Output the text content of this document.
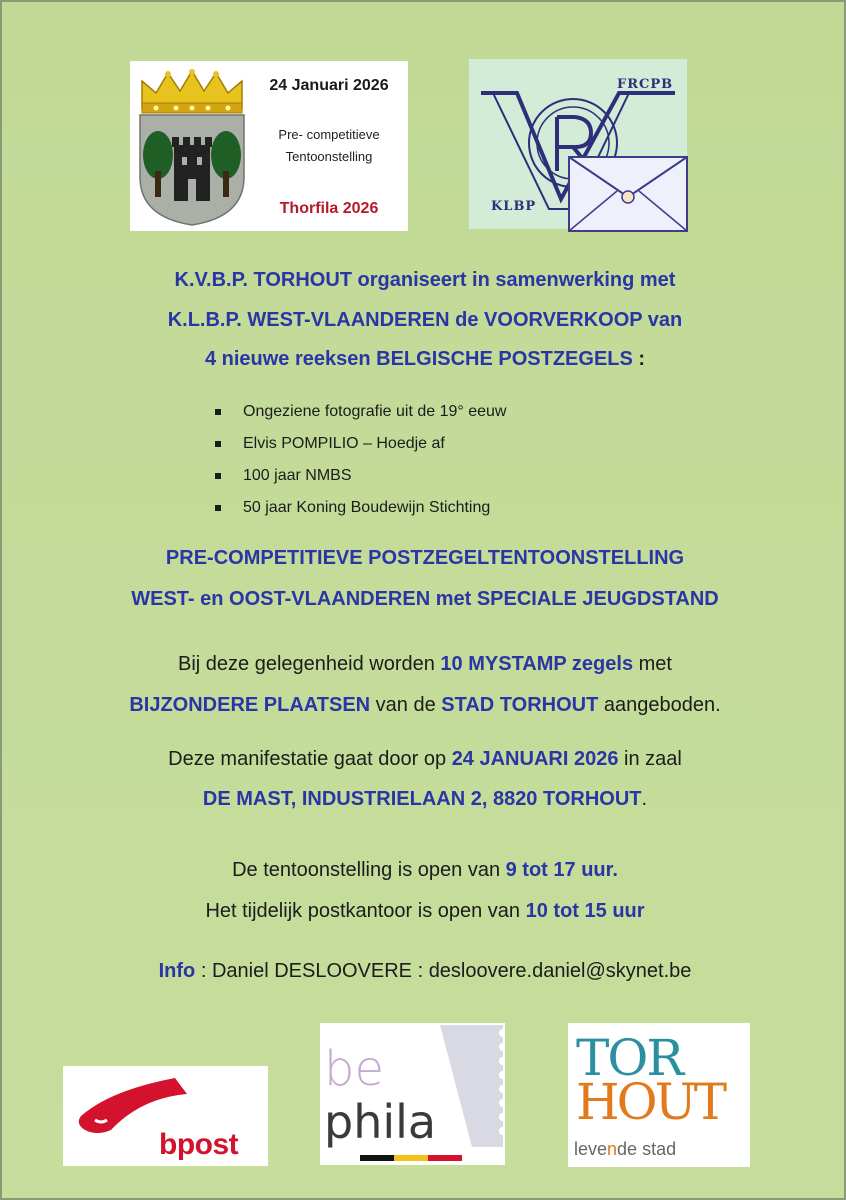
24 Januari 2026
Pre- competitieve
Tentoonstelling
Thorfila 2026
FRCPB
KLBP
K.V.B.P. TORHOUT organiseert in samenwerking met
K.L.B.P. WEST-VLAANDEREN de VOORVERKOOP van
4 nieuwe reeksen BELGISCHE POSTZEGELS :
Ongeziene fotografie uit de 19° eeuw
Elvis POMPILIO – Hoedje af
100 jaar NMBS
50 jaar Koning Boudewijn Stichting
PRE-COMPETITIEVE POSTZEGELTENTOONSTELLING
WEST- en OOST-VLAANDEREN met SPECIALE JEUGDSTAND
Bij deze gelegenheid worden 10 MYSTAMP zegels met
BIJZONDERE PLAATSEN van de STAD TORHOUT aangeboden.
Deze manifestatie gaat door op 24 JANUARI 2026 in zaal
DE MAST, INDUSTRIELAAN 2, 8820 TORHOUT.
De tentoonstelling is open van 9 tot 17 uur.
Het tijdelijk postkantoor is open van 10 tot 15 uur
Info : Daniel DESLOOVERE : desloovere.daniel@skynet.be
bpost
be
phila
TOR
HOUT
levende stad
